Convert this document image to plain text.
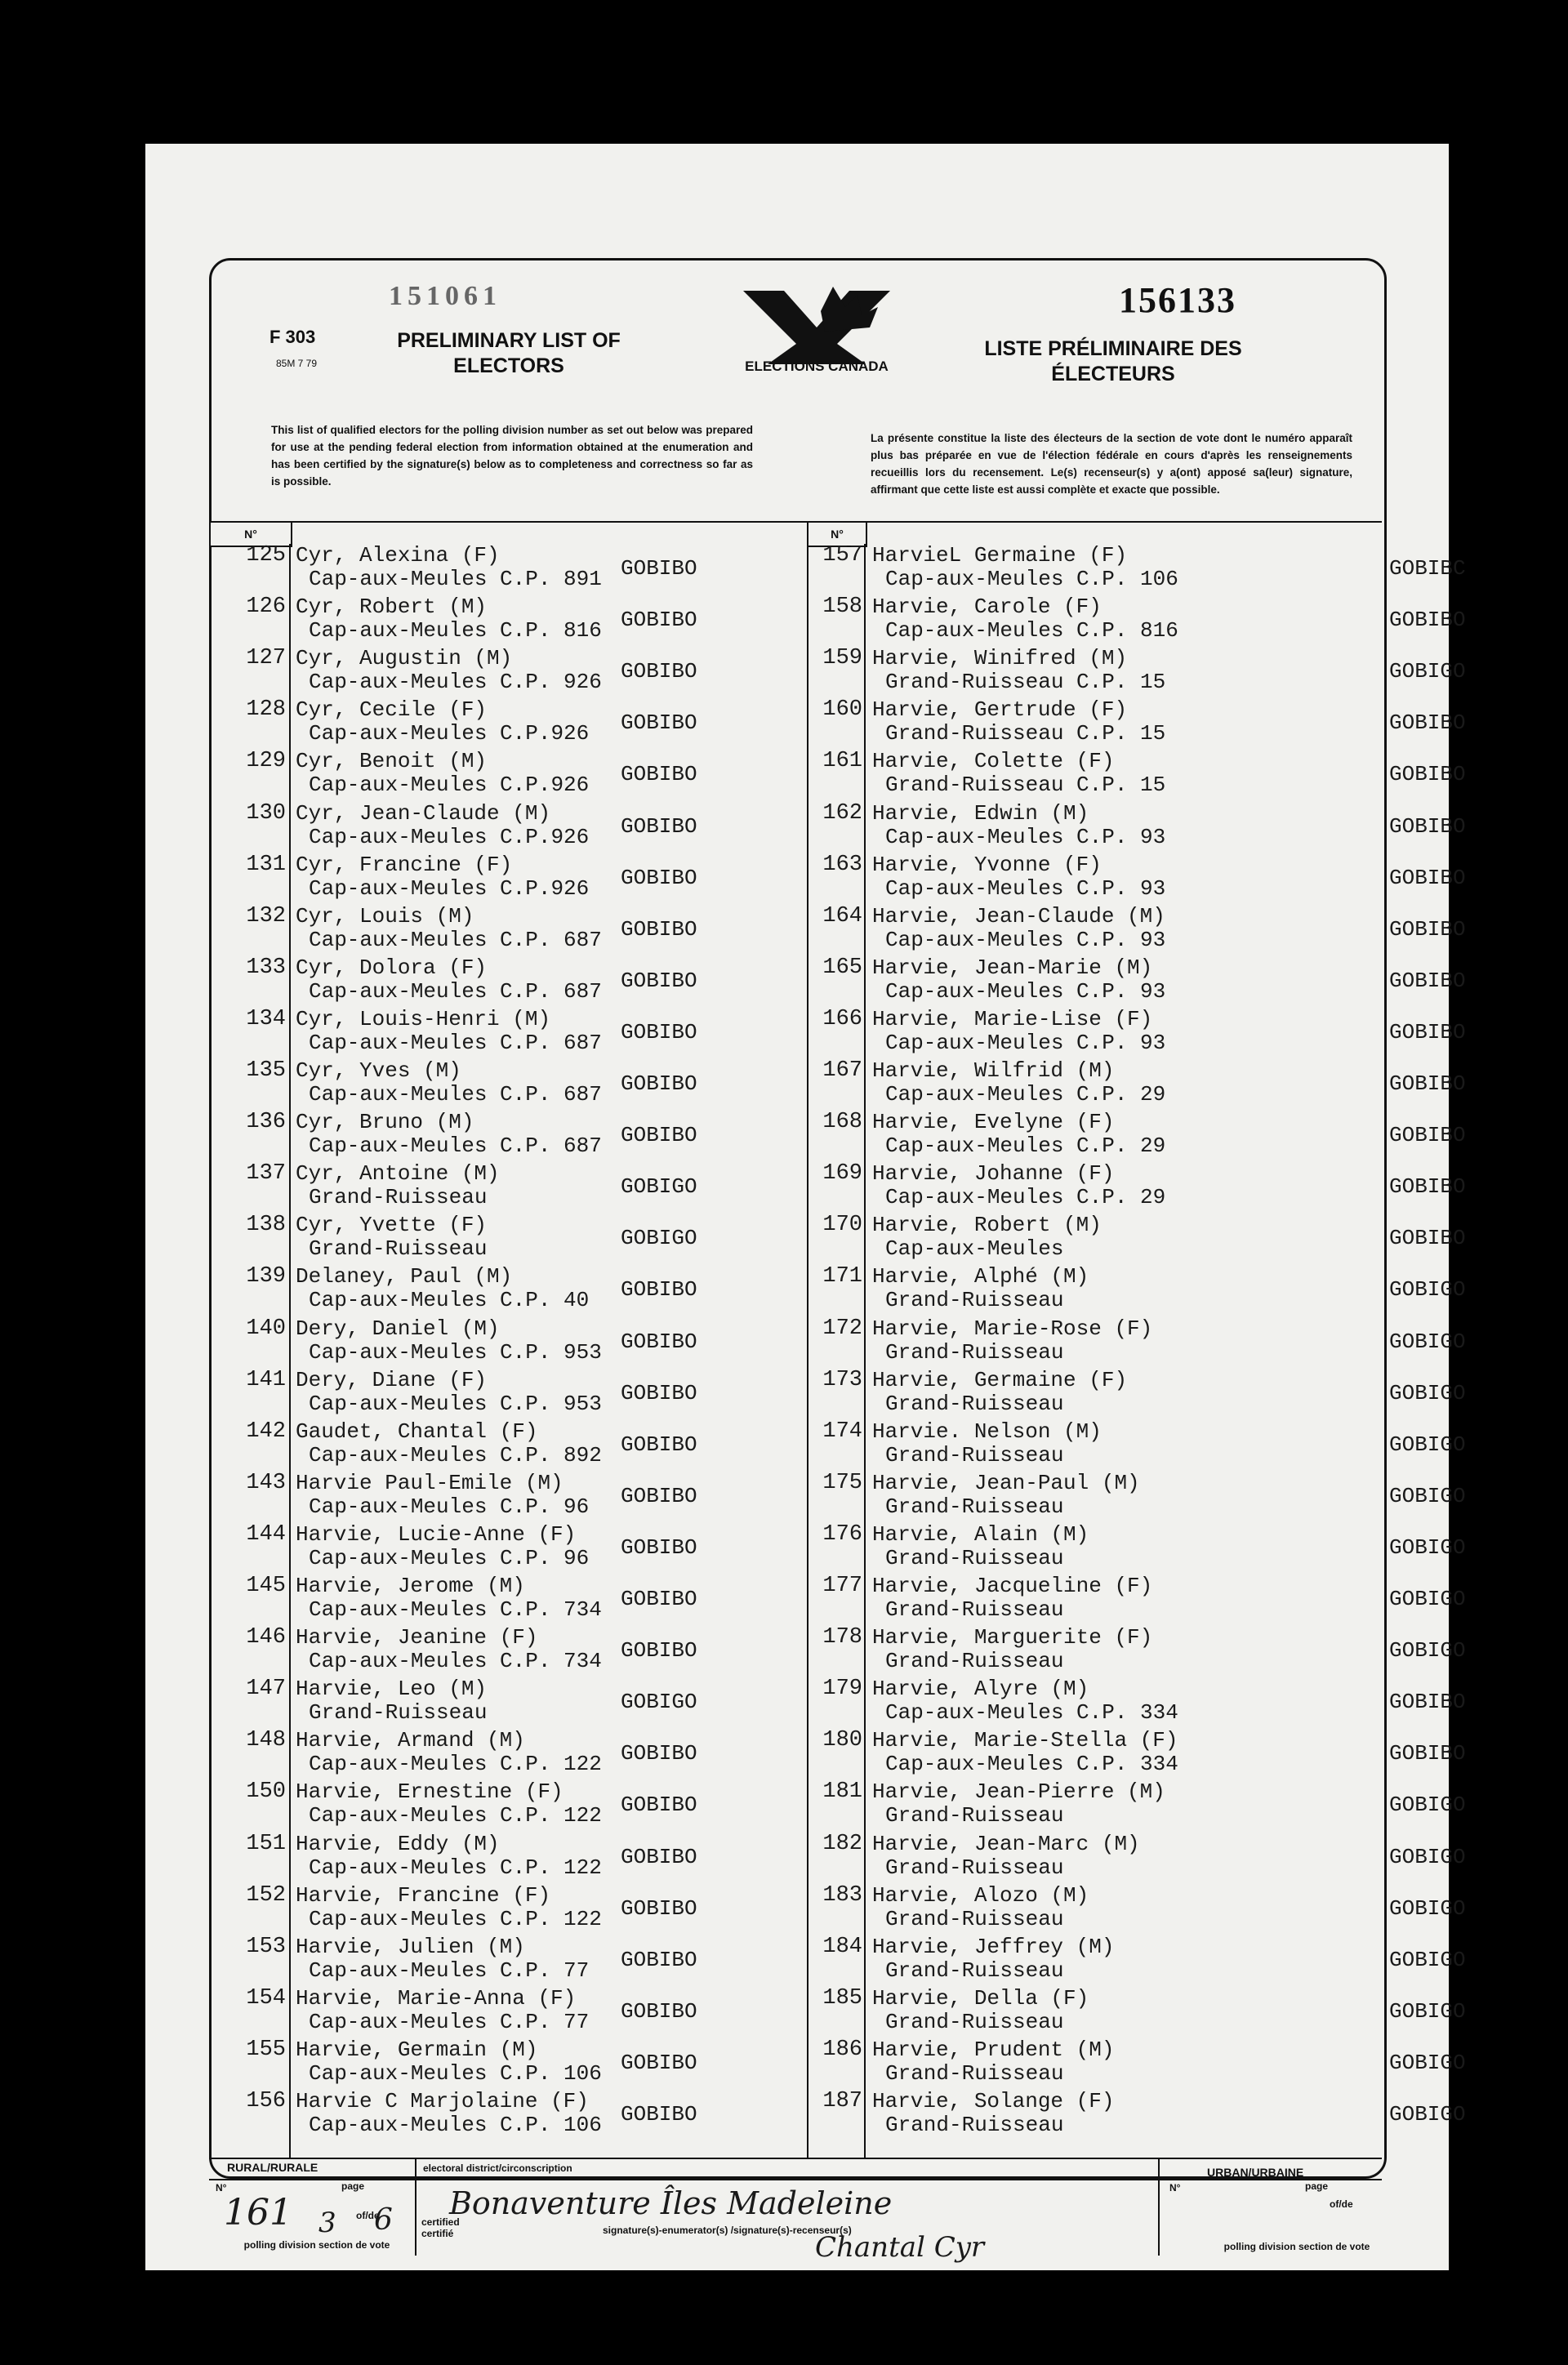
151061
F 303
85M 7 79
PRELIMINARY LIST OF ELECTORS	ELECTIONS CANADA
156133
LISTE PRÉLIMINAIRE DES ÉLECTEURS
This list of qualified electors for the polling division number as set out below was prepared for use at the pending federal election from information obtained at the enumeration and has been certified by the signature(s) below as to completeness and correctness so far as is possible.
La présente constitue la liste des électeurs de la section de vote dont le numéro apparaît plus bas préparée en vue de l'élection fédérale en cours d'après les renseignements recueillis lors du recensement. Le(s) recenseur(s) y a(ont) apposé sa(leur) signature, affirmant que cette liste est aussi complète et exacte que possible.
N°	N°
125 Cyr, Alexina (F)
Cap-aux-Meules C.P. 891 GOBIBO
126 Cyr, Robert (M)
Cap-aux-Meules C.P. 816 GOBIBO
127 Cyr, Augustin (M)
Cap-aux-Meules C.P. 926 GOBIBO
128 Cyr, Cecile (F)
Cap-aux-Meules C.P.926 GOBIBO
129 Cyr, Benoit (M)
Cap-aux-Meules C.P.926 GOBIBO
130 Cyr, Jean-Claude (M)
Cap-aux-Meules C.P.926 GOBIBO
131 Cyr, Francine (F)
Cap-aux-Meules C.P.926 GOBIBO
132 Cyr, Louis (M)
Cap-aux-Meules C.P. 687 GOBIBO
133 Cyr, Dolora (F)
Cap-aux-Meules C.P. 687 GOBIBO
134 Cyr, Louis-Henri (M)
Cap-aux-Meules C.P. 687 GOBIBO
135 Cyr, Yves (M)
Cap-aux-Meules C.P. 687 GOBIBO
136 Cyr, Bruno (M)
Cap-aux-Meules C.P. 687 GOBIBO
137 Cyr, Antoine (M)
Grand-Ruisseau	GOBIGO
138 Cyr, Yvette (F)
Grand-Ruisseau	GOBIGO
139 Delaney, Paul (M)
Cap-aux-Meules C.P. 40 GOBIBO
140 Dery, Daniel (M)
Cap-aux-Meules C.P. 953 GOBIBO
141 Dery, Diane (F)
Cap-aux-Meules C.P. 953 GOBIBO
142 Gaudet, Chantal (F)
Cap-aux-Meules C.P. 892 GOBIBO
143 Harvie Paul-Emile (M)
Cap-aux-Meules C.P. 96 GOBIBO
144 Harvie, Lucie-Anne (F)
Cap-aux-Meules C.P. 96 GOBIBO
145 Harvie, Jerome (M)
Cap-aux-Meules C.P. 734 GOBIBO
146 Harvie, Jeanine (F)
Cap-aux-Meules C.P. 734 GOBIBO
147 Harvie, Leo (M)
Grand-Ruisseau	GOBIGO
148 Harvie, Armand (M)
Cap-aux-Meules C.P. 122 GOBIBO
150 Harvie, Ernestine (F)
Cap-aux-Meules C.P. 122 GOBIBO
151 Harvie, Eddy (M)
Cap-aux-Meules C.P. 122 GOBIBO
152 Harvie, Francine (F)
Cap-aux-Meules C.P. 122 GOBIBO
153 Harvie, Julien (M)
Cap-aux-Meules C.P. 77 GOBIBO
154 Harvie, Marie-Anna (F)
Cap-aux-Meules C.P. 77 GOBIBO
155 Harvie, Germain (M)
Cap-aux-Meules C.P. 106 GOBIBO
156 Harvie C Marjolaine (F)
Cap-aux-Meules C.P. 106 GOBIBO
157 HarvieL Germaine (F)
Cap-aux-Meules C.P. 106	GOBIBC
158 Harvie, Carole (F)
Cap-aux-Meules C.P. 816	GOBIBO
159 Harvie, Winifred (M)
Grand-Ruisseau C.P. 15	GOBIGO
160 Harvie, Gertrude (F)
Grand-Ruisseau C.P. 15	GOBIBO
161 Harvie, Colette (F)
Grand-Ruisseau C.P. 15	GOBIBO
162 Harvie, Edwin (M)
Cap-aux-Meules C.P. 93	GOBIBO
163 Harvie, Yvonne (F)
Cap-aux-Meules C.P. 93	GOBIBO
164 Harvie, Jean-Claude (M)
Cap-aux-Meules C.P. 93	GOBIBO
165 Harvie, Jean-Marie (M)
Cap-aux-Meules C.P. 93	GOBIBO
166 Harvie, Marie-Lise (F)
Cap-aux-Meules C.P. 93	GOBIBO
167 Harvie, Wilfrid (M)
Cap-aux-Meules C.P. 29	GOBIBO
168 Harvie, Evelyne (F)
Cap-aux-Meules C.P. 29	GOBIBO
169 Harvie, Johanne (F)
Cap-aux-Meules C.P. 29	GOBIBO
170 Harvie, Robert (M)
Cap-aux-Meules	GOBIBO
171 Harvie, Alphé (M)
Grand-Ruisseau	GOBIGO
172 Harvie, Marie-Rose (F)
Grand-Ruisseau	GOBIGO
173 Harvie, Germaine (F)
Grand-Ruisseau	GOBIGO
174 Harvie. Nelson (M)
Grand-Ruisseau	GOBIGO
175 Harvie, Jean-Paul (M)
Grand-Ruisseau	GOBIGO
176 Harvie, Alain (M)
Grand-Ruisseau	GOBIGO
177 Harvie, Jacqueline (F)
Grand-Ruisseau	GOBIGO
178 Harvie, Marguerite (F)
Grand-Ruisseau	GOBIGO
179 Harvie, Alyre (M)
Cap-aux-Meules C.P. 334	GOBIBO
180 Harvie, Marie-Stella (F)
Cap-aux-Meules C.P. 334	GOBIBO
181 Harvie, Jean-Pierre (M)
Grand-Ruisseau	GOBIGO
182 Harvie, Jean-Marc (M)
Grand-Ruisseau	GOBIGO
183 Harvie, Alozo (M)
Grand-Ruisseau	GOBIGO
184 Harvie, Jeffrey (M)
Grand-Ruisseau	GOBIGO
185 Harvie, Della (F)
Grand-Ruisseau	GOBIGO
186 Harvie, Prudent (M)
Grand-Ruisseau	GOBIGO
187 Harvie, Solange (F)
Grand-Ruisseau	GOBIGO
RURAL/RURALE	electoral district/circonscription	URBAN/URBAINE
N°	page
of/de
161 3 6
polling division section de vote
Bonaventure Îles Madeleine
certified certifié	signature(s)-enumerator(s) /signature(s)-recenseur(s)
Chantal Cyr
N°	page
of/de
polling division section de vote
